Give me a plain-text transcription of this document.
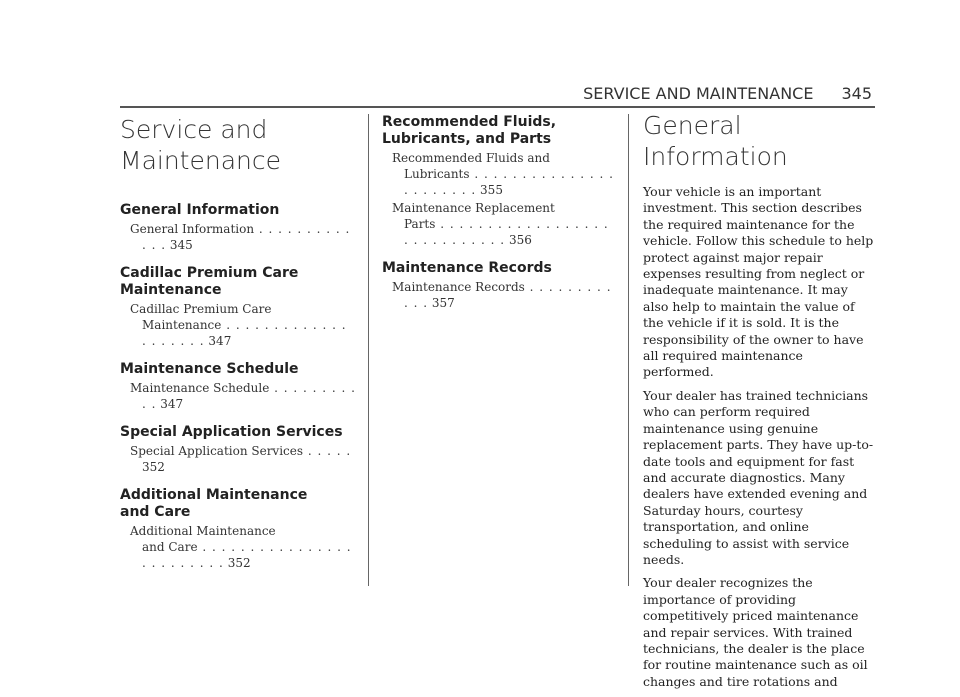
SERVICE AND MAINTENANCE 345
Service and
Maintenance
General Information

General Information . . . . . . . . . . . . . 345

Cadillac Premium Care
Maintenance

Cadillac Premium Care
Maintenance . . . . . . . . . . . . . . . . . . . . 347

Maintenance Schedule

Maintenance Schedule . . . . . . . . . . . 347

Special Application Services

Special Application Services . . . . . 352

Additional Maintenance
and Care

Additional Maintenance
and Care . . . . . . . . . . . . . . . . . . . . . . . . . 352

Recommended Fluids,
Lubricants, and Parts

Recommended Fluids and
Lubricants . . . . . . . . . . . . . . . . . . . . . . . 355

Maintenance Replacement
Parts . . . . . . . . . . . . . . . . . . . . . . . . . . . . . 356

Maintenance Records

Maintenance Records . . . . . . . . . . . . 357

General Information

Your vehicle is an important investment. This section describes the required maintenance for the vehicle. Follow this schedule to help protect against major repair expenses resulting from neglect or inadequate maintenance. It may also help to maintain the value of the vehicle if it is sold. It is the responsibility of the owner to have all required maintenance performed.

Your dealer has trained technicians who can perform required maintenance using genuine replacement parts. They have up-to-date tools and equipment for fast and accurate diagnostics. Many dealers have extended evening and Saturday hours, courtesy transportation, and online scheduling to assist with service needs.

Your dealer recognizes the importance of providing competitively priced maintenance and repair services. With trained technicians, the dealer is the place for routine maintenance such as oil changes and tire rotations and
